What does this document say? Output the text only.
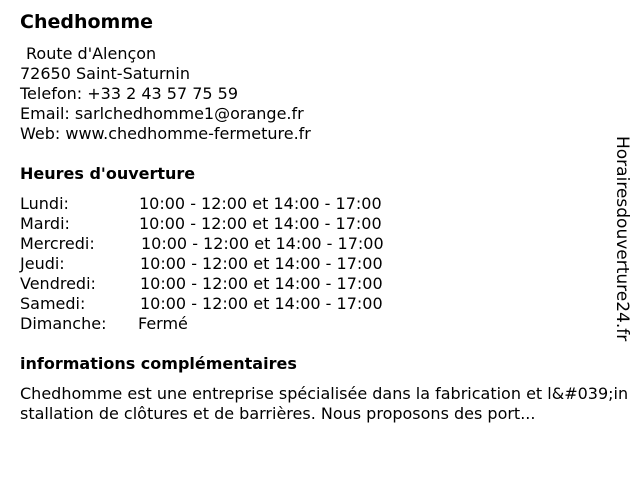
Chedhomme
Route d'Alençon
72650 Saint-Saturnin
Telefon: +33 2 43 57 75 59
Email: sarlchedhomme1@orange.fr
Web: www.chedhomme-fermeture.fr
Heures d'ouverture
Lundi:	10:00 - 12:00 et 14:00 - 17:00
Mardi:	10:00 - 12:00 et 14:00 - 17:00
Mercredi:	10:00 - 12:00 et 14:00 - 17:00
Jeudi:	10:00 - 12:00 et 14:00 - 17:00
Vendredi:	10:00 - 12:00 et 14:00 - 17:00
Samedi:	10:00 - 12:00 et 14:00 - 17:00
Dimanche: Fermé
informations complémentaires
Chedhomme est une entreprise spécialisée dans la fabrication et l&#039;installation de clôtures et de barrières. Nous proposons des port...
Horairesdouverture24.fr
